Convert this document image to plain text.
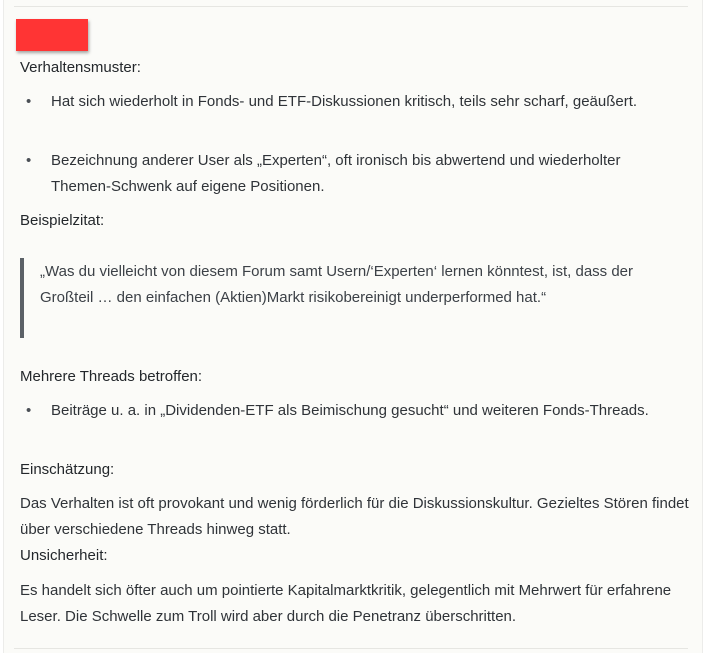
Verhaltensmuster:
• Hat sich wiederholt in Fonds- und ETF-Diskussionen kritisch, teils sehr scharf, geäußert.
• Bezeichnung anderer User als „Experten“, oft ironisch bis abwertend und wiederholter Themen-Schwenk auf eigene Positionen.
Beispielzitat:
„Was du vielleicht von diesem Forum samt Usern/‘Experten‘ lernen könntest, ist, dass der Großteil … den einfachen (Aktien)Markt risikobereinigt underperformed hat.“
Mehrere Threads betroffen:
• Beiträge u. a. in „Dividenden-ETF als Beimischung gesucht“ und weiteren Fonds-Threads.
Einschätzung:
Das Verhalten ist oft provokant und wenig förderlich für die Diskussionskultur. Gezieltes Stören findet über verschiedene Threads hinweg statt.
Unsicherheit:
Es handelt sich öfter auch um pointierte Kapitalmarktkritik, gelegentlich mit Mehrwert für erfahrene Leser. Die Schwelle zum Troll wird aber durch die Penetranz überschritten.
